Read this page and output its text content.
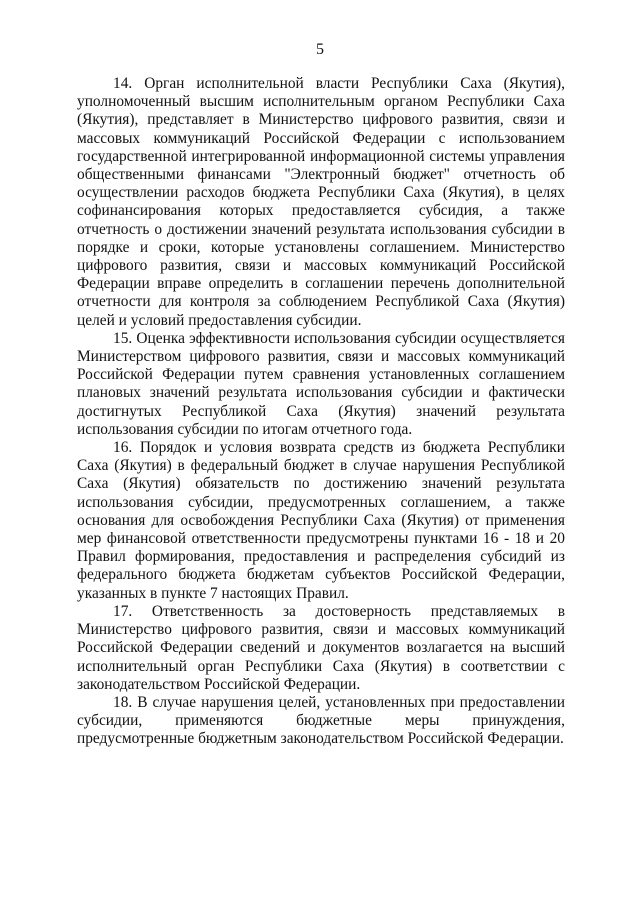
5

14. Орган исполнительной власти Республики Саха (Якутия), уполномоченный высшим исполнительным органом Республики Саха (Якутия), представляет в Министерство цифрового развития, связи и массовых коммуникаций Российской Федерации с использованием государственной интегрированной информационной системы управления общественными финансами "Электронный бюджет" отчетность об осуществлении расходов бюджета Республики Саха (Якутия), в целях софинансирования которых предоставляется субсидия, а также отчетность о достижении значений результата использования субсидии в порядке и сроки, которые установлены соглашением. Министерство цифрового развития, связи и массовых коммуникаций Российской Федерации вправе определить в соглашении перечень дополнительной отчетности для контроля за соблюдением Республикой Саха (Якутия) целей и условий предоставления субсидии.

15. Оценка эффективности использования субсидии осуществляется Министерством цифрового развития, связи и массовых коммуникаций Российской Федерации путем сравнения установленных соглашением плановых значений результата использования субсидии и фактически достигнутых Республикой Саха (Якутия) значений результата использования субсидии по итогам отчетного года.

16. Порядок и условия возврата средств из бюджета Республики Саха (Якутия) в федеральный бюджет в случае нарушения Республикой Саха (Якутия) обязательств по достижению значений результата использования субсидии, предусмотренных соглашением, а также основания для освобождения Республики Саха (Якутия) от применения мер финансовой ответственности предусмотрены пунктами 16 - 18 и 20 Правил формирования, предоставления и распределения субсидий из федерального бюджета бюджетам субъектов Российской Федерации, указанных в пункте 7 настоящих Правил.

17. Ответственность за достоверность представляемых в Министерство цифрового развития, связи и массовых коммуникаций Российской Федерации сведений и документов возлагается на высший исполнительный орган Республики Саха (Якутия) в соответствии с законодательством Российской Федерации.

18. В случае нарушения целей, установленных при предоставлении субсидии, применяются бюджетные меры принуждения, предусмотренные бюджетным законодательством Российской Федерации.
